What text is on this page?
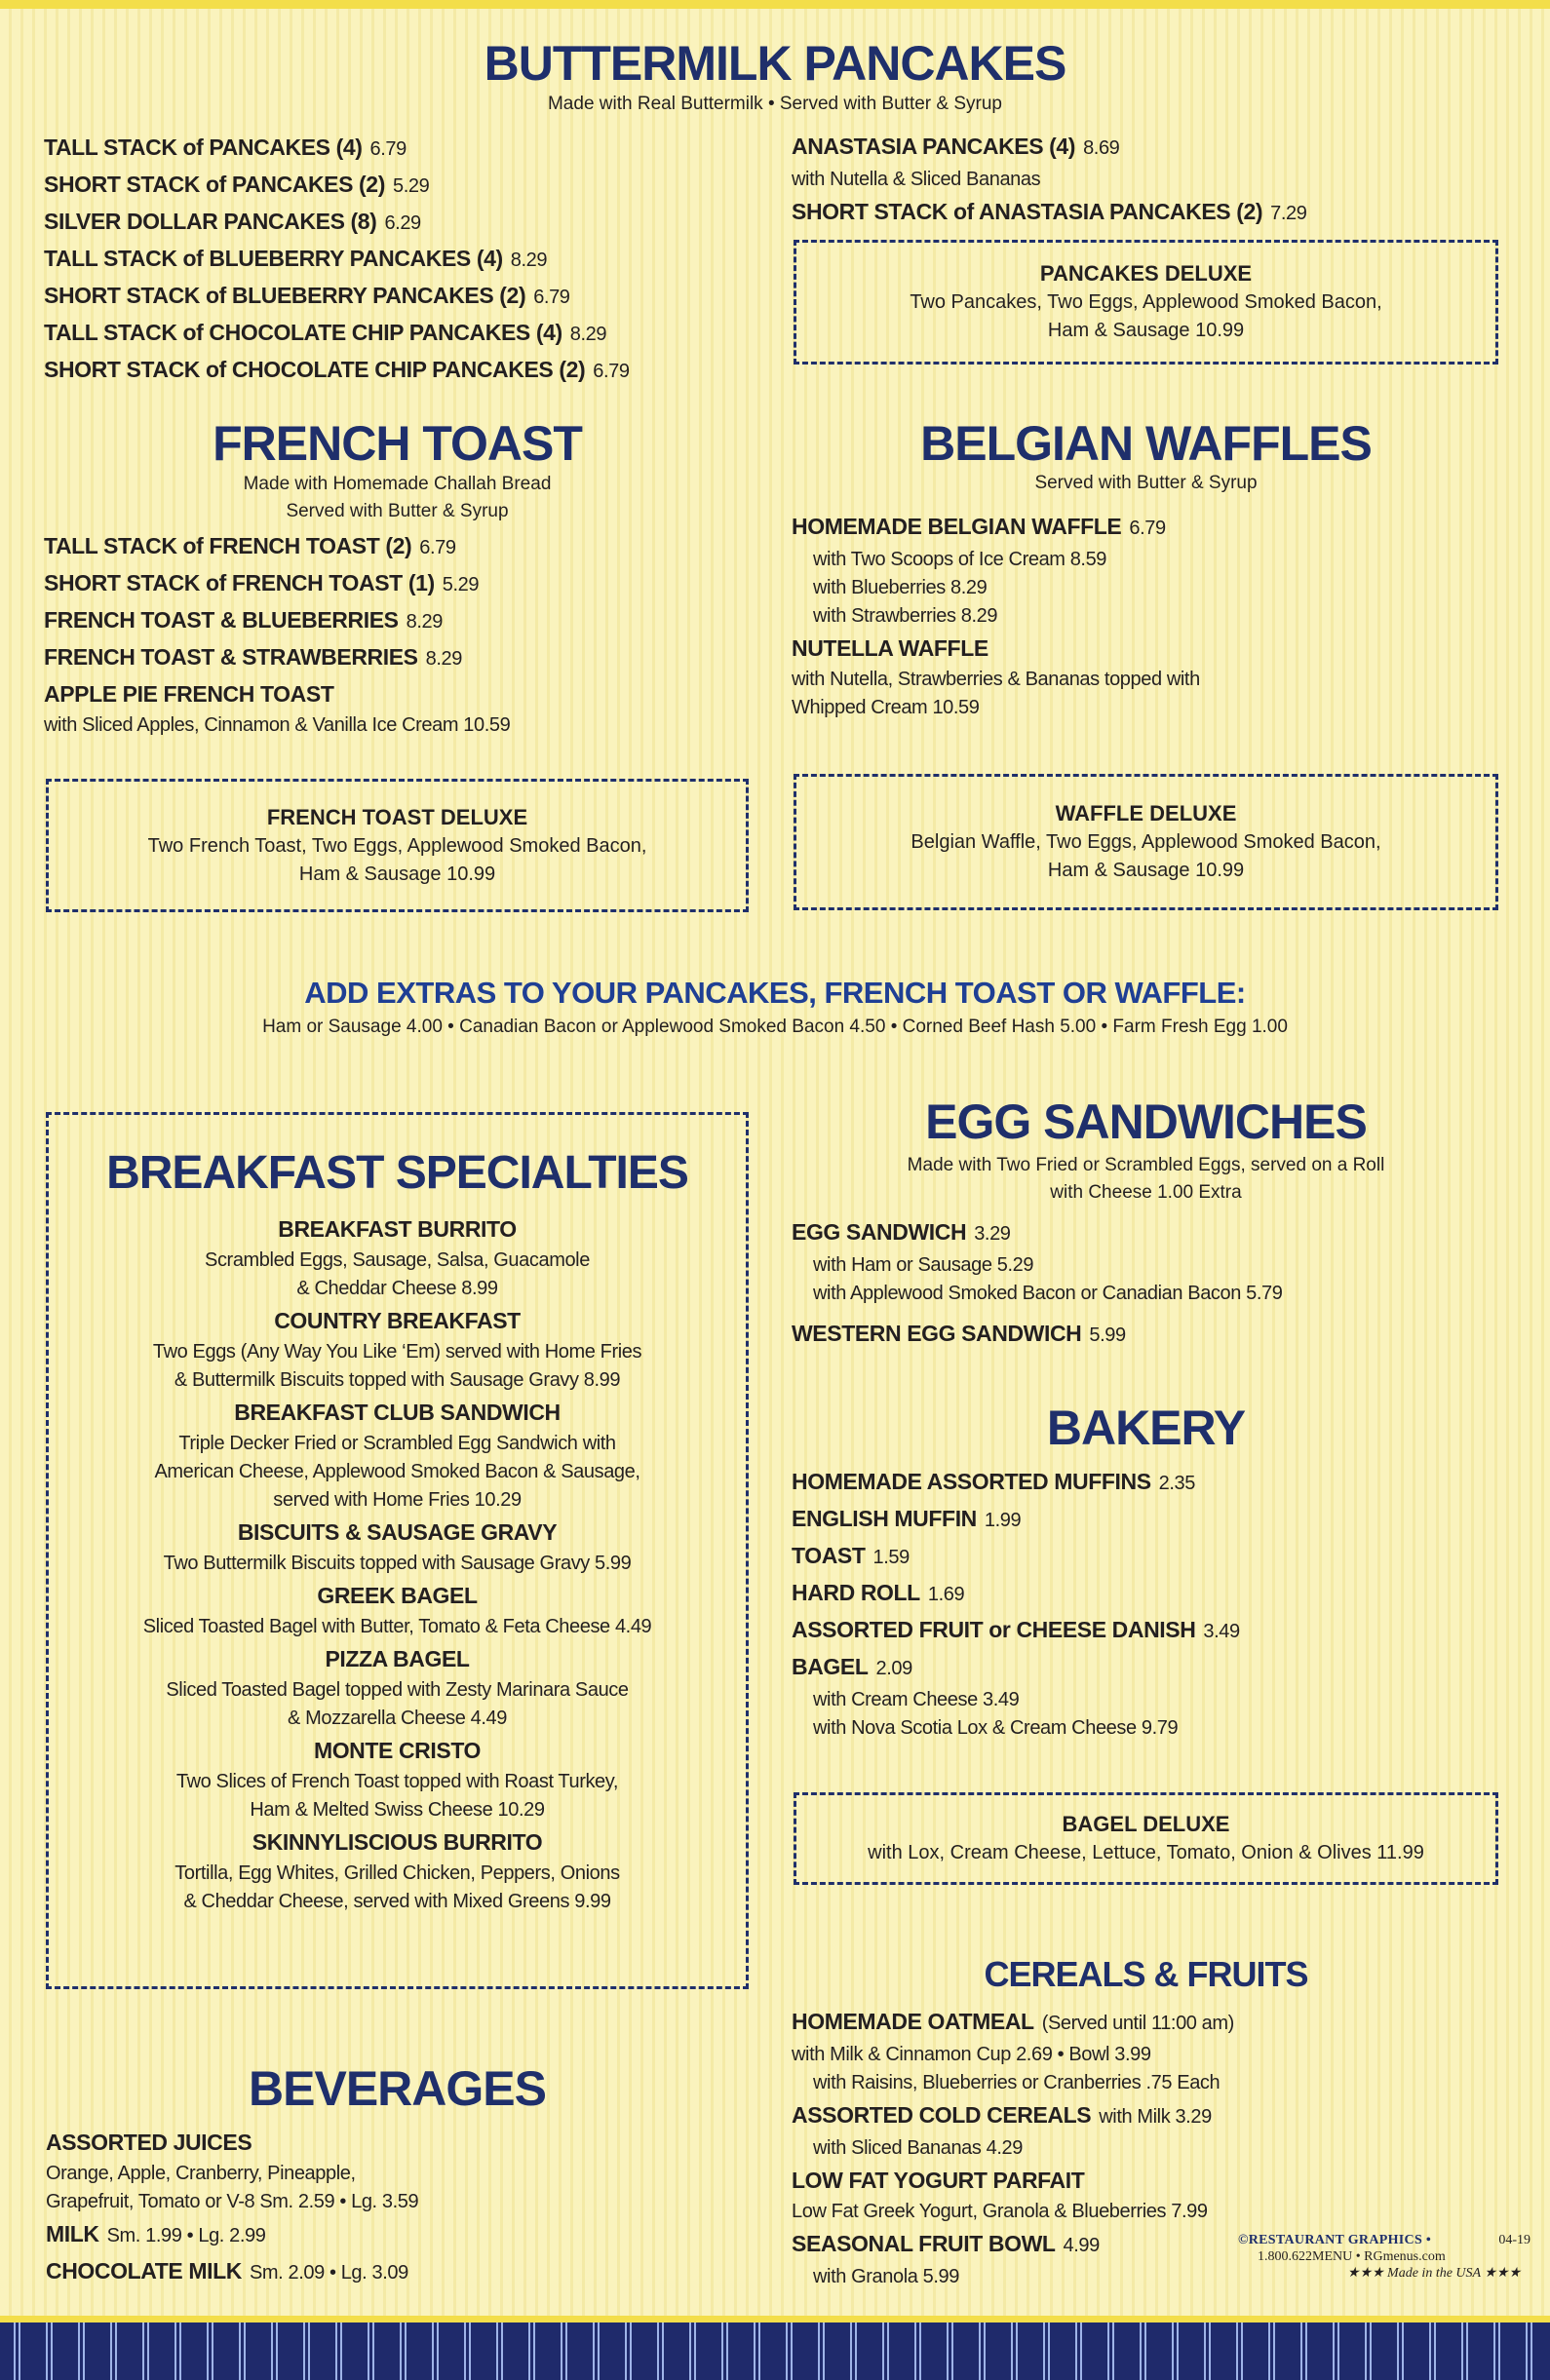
BUTTERMILK PANCAKES
Made with Real Buttermilk • Served with Butter & Syrup
TALL STACK of PANCAKES (4) 6.79
SHORT STACK of PANCAKES (2) 5.29
SILVER DOLLAR PANCAKES (8) 6.29
TALL STACK of BLUEBERRY PANCAKES (4) 8.29
SHORT STACK of BLUEBERRY PANCAKES (2) 6.79
TALL STACK of CHOCOLATE CHIP PANCAKES (4) 8.29
SHORT STACK of CHOCOLATE CHIP PANCAKES (2) 6.79
ANASTASIA PANCAKES (4) 8.69
with Nutella & Sliced Bananas
SHORT STACK of ANASTASIA PANCAKES (2) 7.29
PANCAKES DELUXE
Two Pancakes, Two Eggs, Applewood Smoked Bacon,
Ham & Sausage 10.99
FRENCH TOAST
Made with Homemade Challah Bread
Served with Butter & Syrup
TALL STACK of FRENCH TOAST (2) 6.79
SHORT STACK of FRENCH TOAST (1) 5.29
FRENCH TOAST & BLUEBERRIES 8.29
FRENCH TOAST & STRAWBERRIES 8.29
APPLE PIE FRENCH TOAST
with Sliced Apples, Cinnamon & Vanilla Ice Cream 10.59
FRENCH TOAST DELUXE
Two French Toast, Two Eggs, Applewood Smoked Bacon,
Ham & Sausage 10.99
BELGIAN WAFFLES
Served with Butter & Syrup
HOMEMADE BELGIAN WAFFLE 6.79
with Two Scoops of Ice Cream 8.59
with Blueberries 8.29
with Strawberries 8.29
NUTELLA WAFFLE
with Nutella, Strawberries & Bananas topped with
Whipped Cream 10.59
WAFFLE DELUXE
Belgian Waffle, Two Eggs, Applewood Smoked Bacon,
Ham & Sausage 10.99
ADD EXTRAS TO YOUR PANCAKES, FRENCH TOAST OR WAFFLE:
Ham or Sausage 4.00 • Canadian Bacon or Applewood Smoked Bacon 4.50 • Corned Beef Hash 5.00 • Farm Fresh Egg 1.00
BREAKFAST SPECIALTIES
BREAKFAST BURRITO
Scrambled Eggs, Sausage, Salsa, Guacamole
& Cheddar Cheese 8.99
COUNTRY BREAKFAST
Two Eggs (Any Way You Like ‘Em) served with Home Fries
& Buttermilk Biscuits topped with Sausage Gravy 8.99
BREAKFAST CLUB SANDWICH
Triple Decker Fried or Scrambled Egg Sandwich with
American Cheese, Applewood Smoked Bacon & Sausage,
served with Home Fries 10.29
BISCUITS & SAUSAGE GRAVY
Two Buttermilk Biscuits topped with Sausage Gravy 5.99
GREEK BAGEL
Sliced Toasted Bagel with Butter, Tomato & Feta Cheese 4.49
PIZZA BAGEL
Sliced Toasted Bagel topped with Zesty Marinara Sauce
& Mozzarella Cheese 4.49
MONTE CRISTO
Two Slices of French Toast topped with Roast Turkey,
Ham & Melted Swiss Cheese 10.29
SKINNYLISCIOUS BURRITO
Tortilla, Egg Whites, Grilled Chicken, Peppers, Onions
& Cheddar Cheese, served with Mixed Greens 9.99
EGG SANDWICHES
Made with Two Fried or Scrambled Eggs, served on a Roll
with Cheese 1.00 Extra
EGG SANDWICH 3.29
with Ham or Sausage 5.29
with Applewood Smoked Bacon or Canadian Bacon 5.79
WESTERN EGG SANDWICH 5.99
BAKERY
HOMEMADE ASSORTED MUFFINS 2.35
ENGLISH MUFFIN 1.99
TOAST 1.59
HARD ROLL 1.69
ASSORTED FRUIT or CHEESE DANISH 3.49
BAGEL 2.09
with Cream Cheese 3.49
with Nova Scotia Lox & Cream Cheese 9.79
BAGEL DELUXE
with Lox, Cream Cheese, Lettuce, Tomato, Onion & Olives 11.99
CEREALS & FRUITS
HOMEMADE OATMEAL (Served until 11:00 am)
with Milk & Cinnamon Cup 2.69 • Bowl 3.99
with Raisins, Blueberries or Cranberries .75 Each
ASSORTED COLD CEREALS with Milk 3.29
with Sliced Bananas 4.29
LOW FAT YOGURT PARFAIT
Low Fat Greek Yogurt, Granola & Blueberries 7.99
SEASONAL FRUIT BOWL 4.99
with Granola 5.99
BEVERAGES
ASSORTED JUICES
Orange, Apple, Cranberry, Pineapple,
Grapefruit, Tomato or V-8 Sm. 2.59 • Lg. 3.59
MILK Sm. 1.99 • Lg. 2.99
CHOCOLATE MILK Sm. 2.09 • Lg. 3.09
©RESTAURANT GRAPHICS •	04-19
1.800.622MENU • RGmenus.com
★★★ Made in the USA ★★★
